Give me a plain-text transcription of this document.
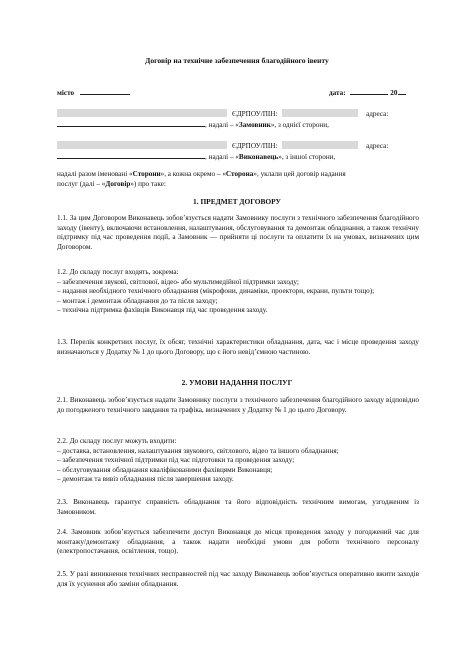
Договір на технічне забезпечення благодійного івенту
місто	дата:	20
ЄДРПОУ/ПІН:	адреса:
, надалі – «Замовник», з однієї сторони,
ЄДРПОУ/ПІН:	адреса:
, надалі – «Виконавець», з іншої сторони,
надалі разом іменовані «Сторони», а кожна окремо – «Сторона», уклали цей договір надання
послуг (далі – «Договір») про таке:
1. ПРЕДМЕТ ДОГОВОРУ
1.1. За цим Договором Виконавець зобов’язується надати Замовнику послуги з технічного забезпечення благодійного заходу (івенту), включаючи встановлення, налаштування, обслуговування та демонтаж обладнання, а також технічну підтримку під час проведення події, а Замовник — прийняти ці послуги та оплатити їх на умовах, визначених цим Договором.
1.2. До складу послуг входять, зокрема:
– забезпечення звуковї, світлової, відео- або мультимедійної підтримки заходу;
– надання необхідного технічного обладнання (мікрофони, динаміки, проектори, екрани, пульти тощо);
– монтаж і демонтаж обладнання до та після заходу;
– технічна підтримка фахівців Виконавця під час проведення заходу.
1.3. Перелік конкретних послуг, їх обсяг, технічні характеристики обладнання, дата, час і місце проведення заходу визначаються у Додатку № 1 до цього Договору, що є його невід’ємною частиною.
2. УМОВИ НАДАННЯ ПОСЛУГ
2.1. Виконавець зобов’язується надати Замовнику послуги з технічного забезпечення благодійного заходу відповідно до погодженого технічного завдання та графіка, визначених у Додатку № 1 до цього Договору.
2.2. До складу послуг можуть входити:
– доставка, встановлення, налаштування звукового, світлового, відео та іншого обладнання;
– забезпечення технічної підтримки під час підготовки та проведення заходу;
– обслуговування обладнання кваліфікованими фахівцями Виконавця;
– демонтаж та вивіз обладнання після завершення заходу.
2.3. Виконавець гарантує справність обладнання та його відповідність технічним вимогам, узгодженим із Замовником.
2.4. Замовник зобов’язується забезпечити доступ Виконавця до місця проведення заходу у погоджений час для монтажу/демонтажу обладнання, а також надати необхідні умови для роботи технічного персоналу (електропостачання, освітлення, тощо).
2.5. У разі виникнення технічних несправностей під час заходу Виконавець зобов’язується оперативно вжити заходів для їх усунення або заміни обладнання.
